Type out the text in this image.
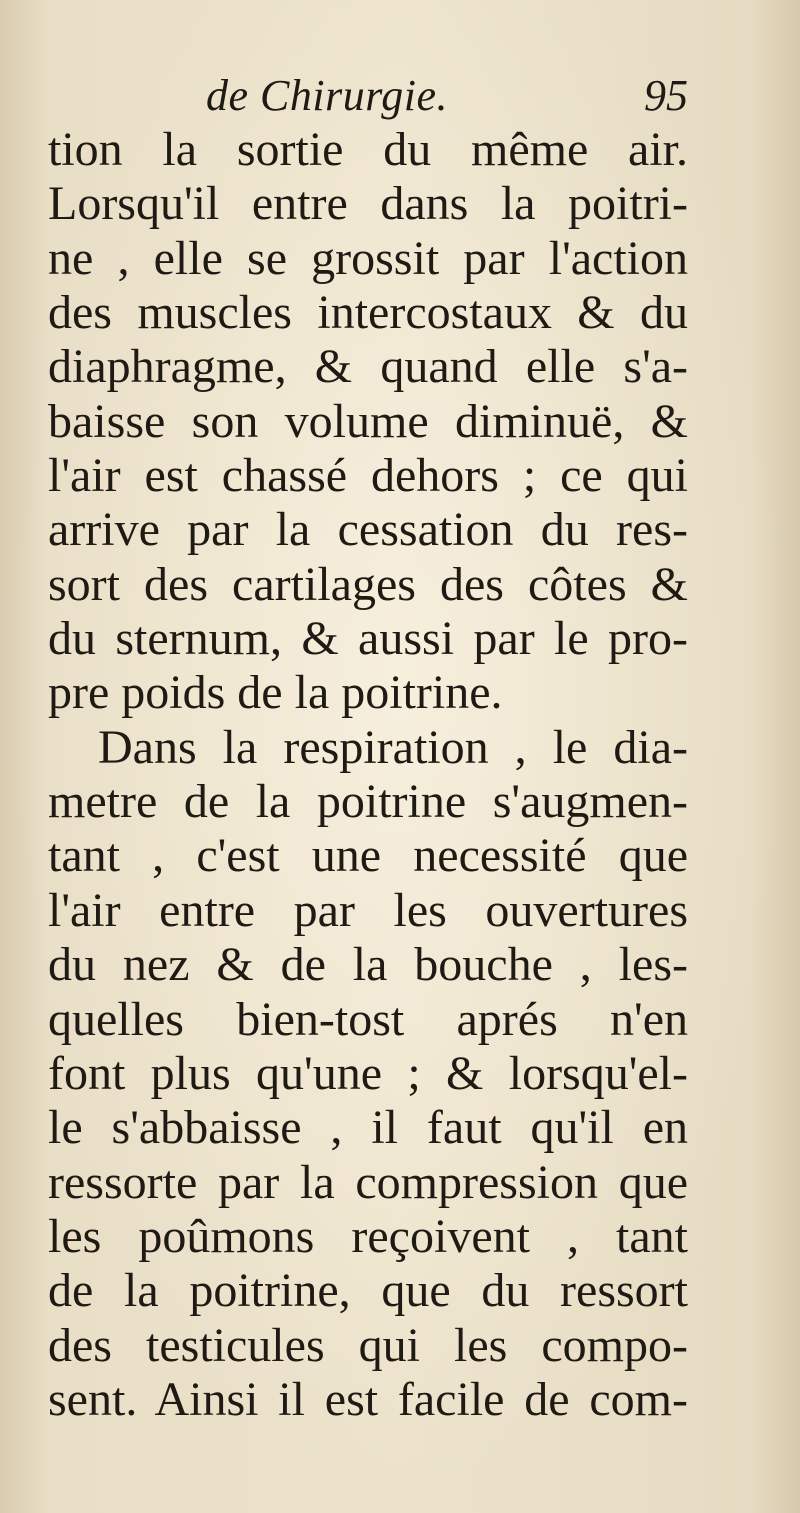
de Chirurgie.	95
tion la sortie du même air.
Lorsqu'il entre dans la poitri-
ne , elle se grossit par l'action
des muscles intercostaux & du
diaphragme, & quand elle s'a-
baisse son volume diminuë, &
l'air est chassé dehors ; ce qui
arrive par la cessation du res-
sort des cartilages des côtes &
du sternum, & aussi par le pro-
pre poids de la poitrine.
Dans la respiration , le dia-
metre de la poitrine s'augmen-
tant , c'est une necessité que
l'air entre par les ouvertures
du nez & de la bouche , les-
quelles bien-tost aprés n'en
font plus qu'une ; & lorsqu'el-
le s'abbaisse , il faut qu'il en
ressorte par la compression que
les poûmons reçoivent , tant
de la poitrine, que du ressort
des testicules qui les compo-
sent. Ainsi il est facile de com-
